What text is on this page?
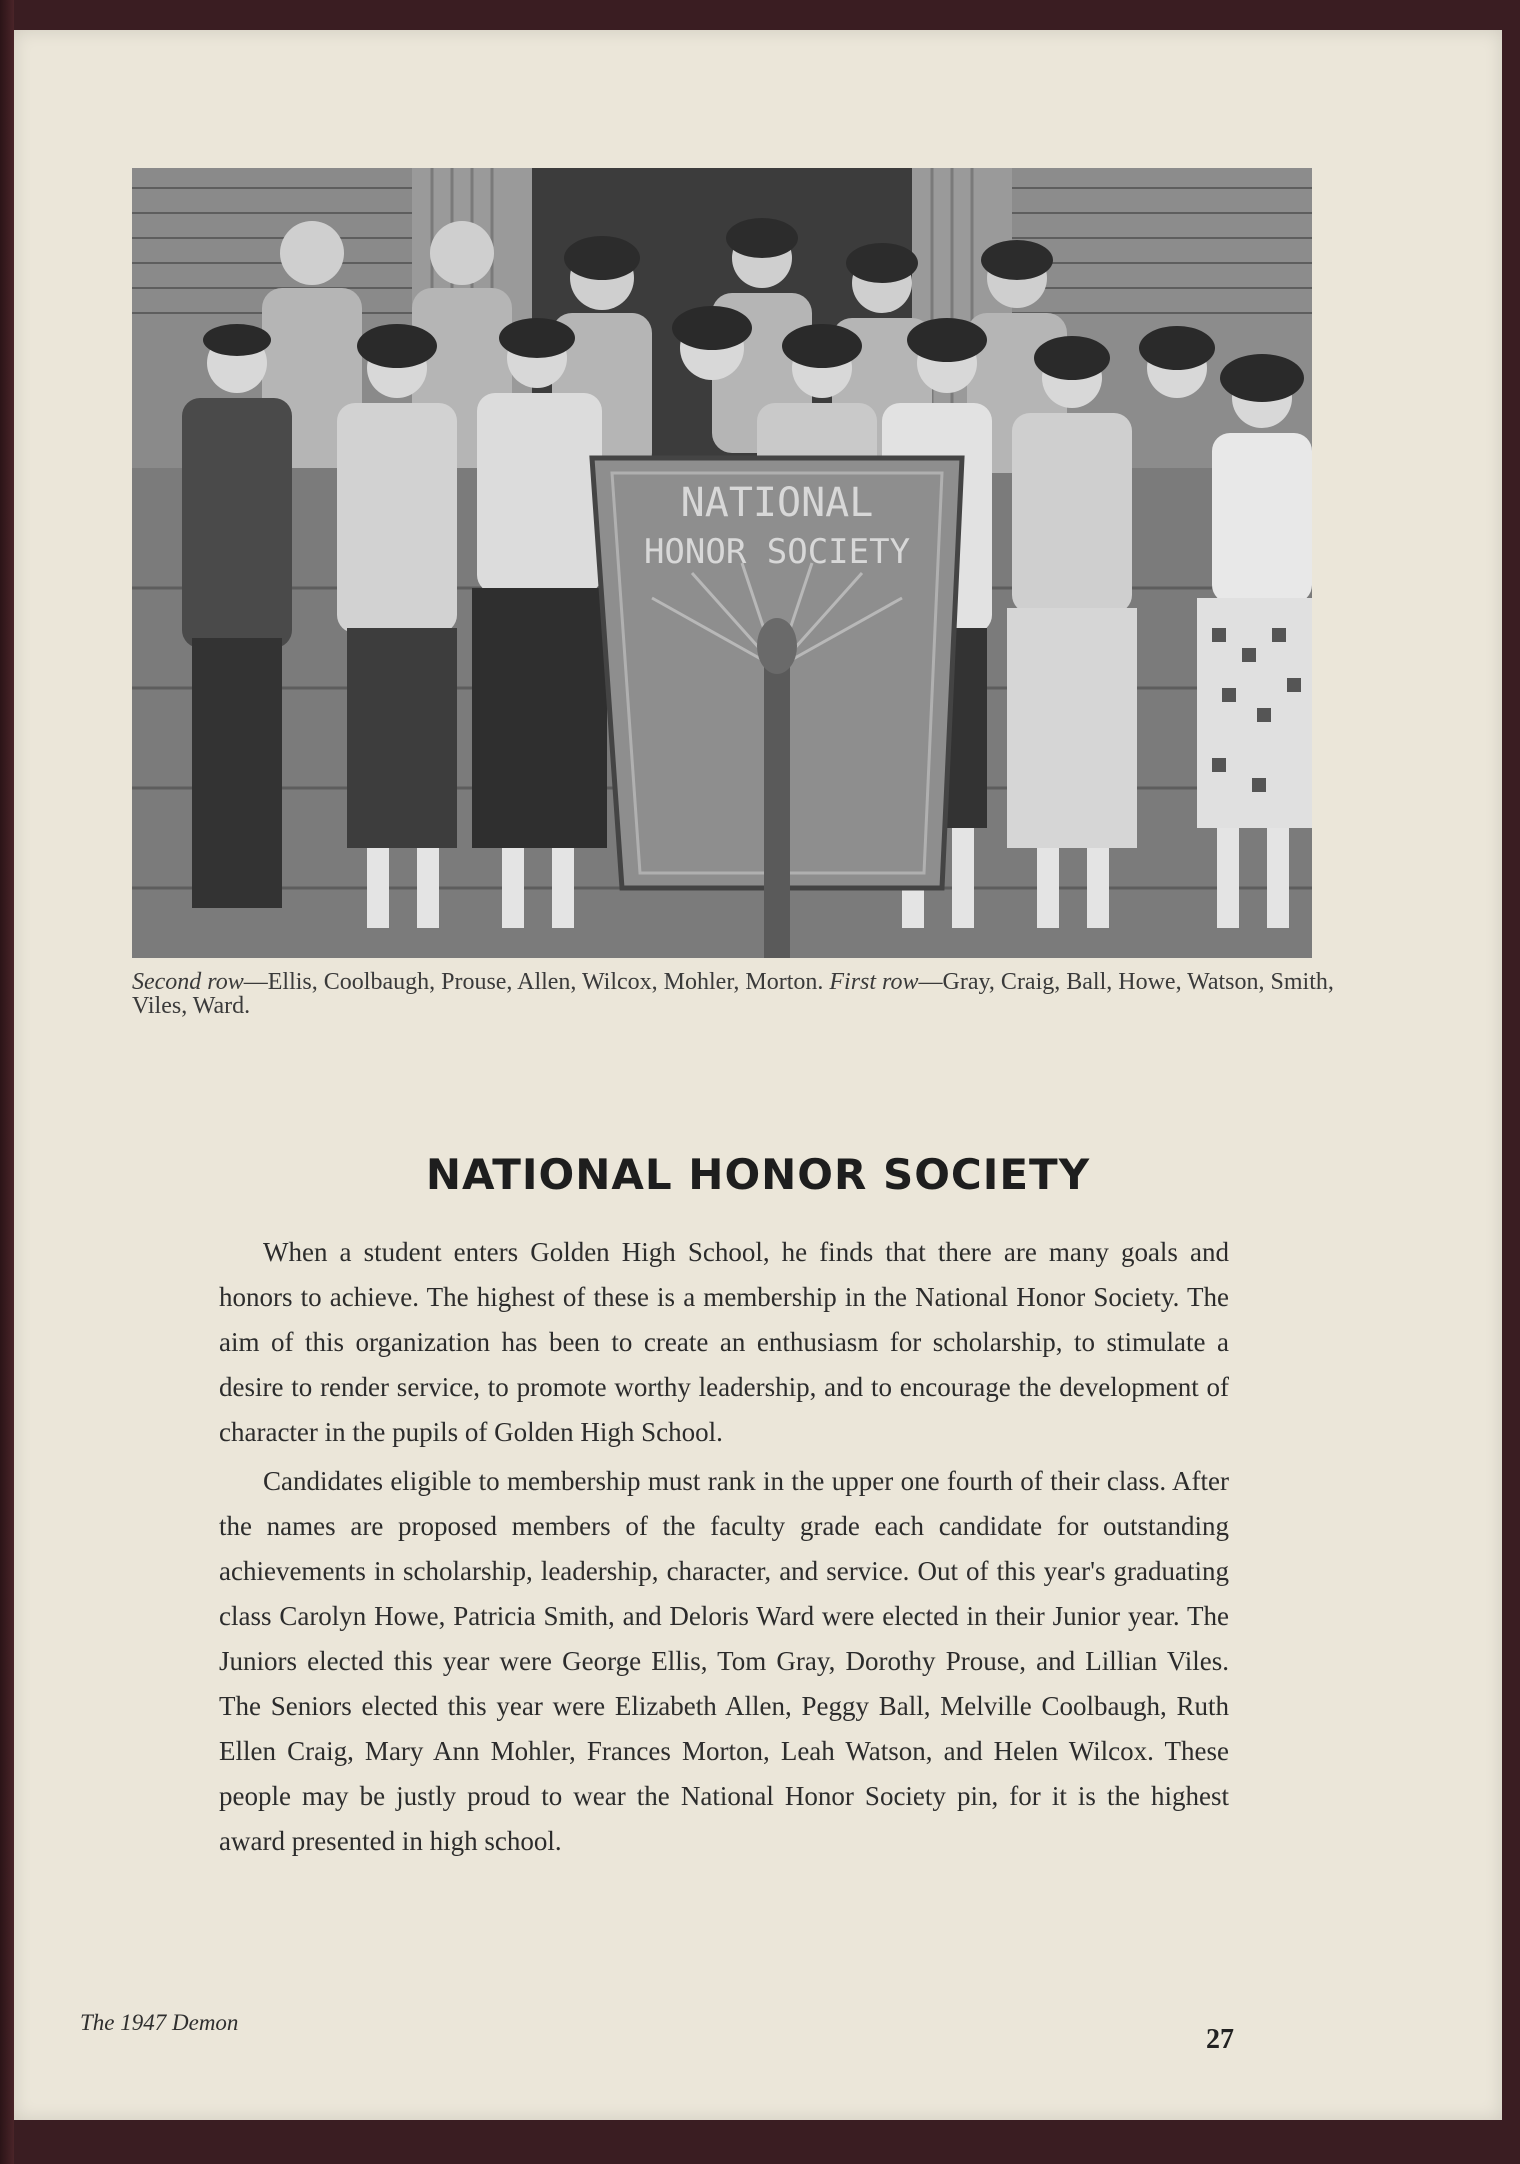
NATIONAL
HONOR SOCIETY
Second row—Ellis, Coolbaugh, Prouse, Allen, Wilcox, Mohler, Morton. First row—Gray, Craig, Ball, Howe, Watson, Smith, Viles, Ward.
NATIONAL HONOR SOCIETY

When a student enters Golden High School, he finds that there are many goals and honors to achieve. The highest of these is a membership in the National Honor Society. The aim of this organization has been to create an enthusiasm for scholarship, to stimulate a desire to render service, to promote worthy leadership, and to encourage the development of character in the pupils of Golden High School.

Candidates eligible to membership must rank in the upper one fourth of their class. After the names are proposed members of the faculty grade each candidate for outstanding achievements in scholarship, leadership, character, and service. Out of this year's graduating class Carolyn Howe, Patricia Smith, and Deloris Ward were elected in their Junior year. The Juniors elected this year were George Ellis, Tom Gray, Dorothy Prouse, and Lillian Viles. The Seniors elected this year were Elizabeth Allen, Peggy Ball, Melville Coolbaugh, Ruth Ellen Craig, Mary Ann Mohler, Frances Morton, Leah Watson, and Helen Wilcox. These people may be justly proud to wear the National Honor Society pin, for it is the highest award presented in high school.

The 1947 Demon
27
